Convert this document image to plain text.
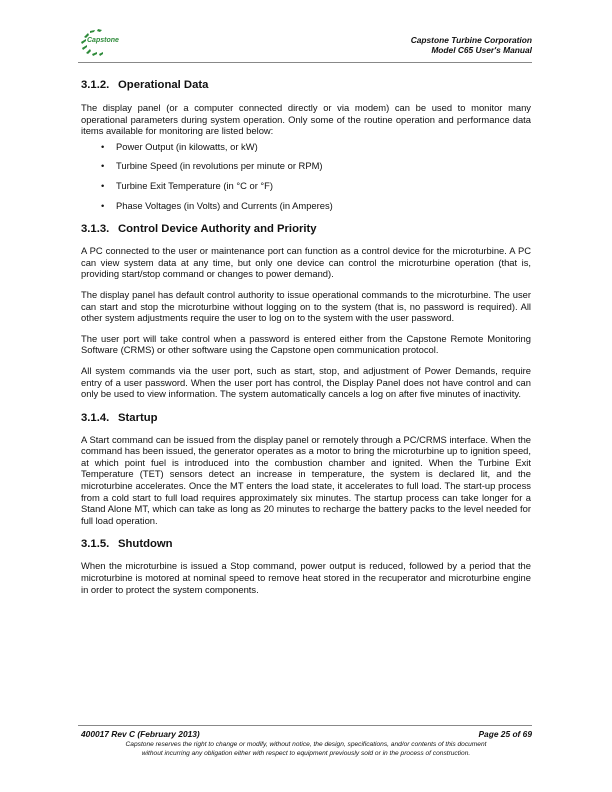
Capstone	Capstone Turbine Corporation
Model C65 User's Manual
3.1.2. Operational Data

The display panel (or a computer connected directly or via modem) can be used to monitor many operational parameters during system operation. Only some of the routine operation and performance data items available for monitoring are listed below:

• Power Output (in kilowatts, or kW)
• Turbine Speed (in revolutions per minute or RPM)
• Turbine Exit Temperature (in °C or °F)
• Phase Voltages (in Volts) and Currents (in Amperes)
3.1.3. Control Device Authority and Priority

A PC connected to the user or maintenance port can function as a control device for the microturbine. A PC can view system data at any time, but only one device can control the microturbine operation (that is, providing start/stop command or changes to power demand).

The display panel has default control authority to issue operational commands to the microturbine. The user can start and stop the microturbine without logging on to the system (that is, no password is required). All other system adjustments require the user to log on to the system with the user password.

The user port will take control when a password is entered either from the Capstone Remote Monitoring Software (CRMS) or other software using the Capstone open communication protocol.

All system commands via the user port, such as start, stop, and adjustment of Power Demands, require entry of a user password. When the user port has control, the Display Panel does not have control and can only be used to view information. The system automatically cancels a log on after five minutes of inactivity.

3.1.4. Startup

A Start command can be issued from the display panel or remotely through a PC/CRMS interface. When the command has been issued, the generator operates as a motor to bring the microturbine up to ignition speed, at which point fuel is introduced into the combustion chamber and ignited. When the Turbine Exit Temperature (TET) sensors detect an increase in temperature, the system is declared lit, and the microturbine accelerates. Once the MT enters the load state, it accelerates to full load. The start-up process from a cold start to full load requires approximately six minutes. The startup process can take longer for a Stand Alone MT, which can take as long as 20 minutes to recharge the battery packs to the level needed for full load operation.

3.1.5. Shutdown

When the microturbine is issued a Stop command, power output is reduced, followed by a period that the microturbine is motored at nominal speed to remove heat stored in the recuperator and microturbine engine in order to protect the system components.

400017 Rev C (February 2013)	Page 25 of 69
Capstone reserves the right to change or modify, without notice, the design, specifications, and/or contents of this document
without incurring any obligation either with respect to equipment previously sold or in the process of construction.
